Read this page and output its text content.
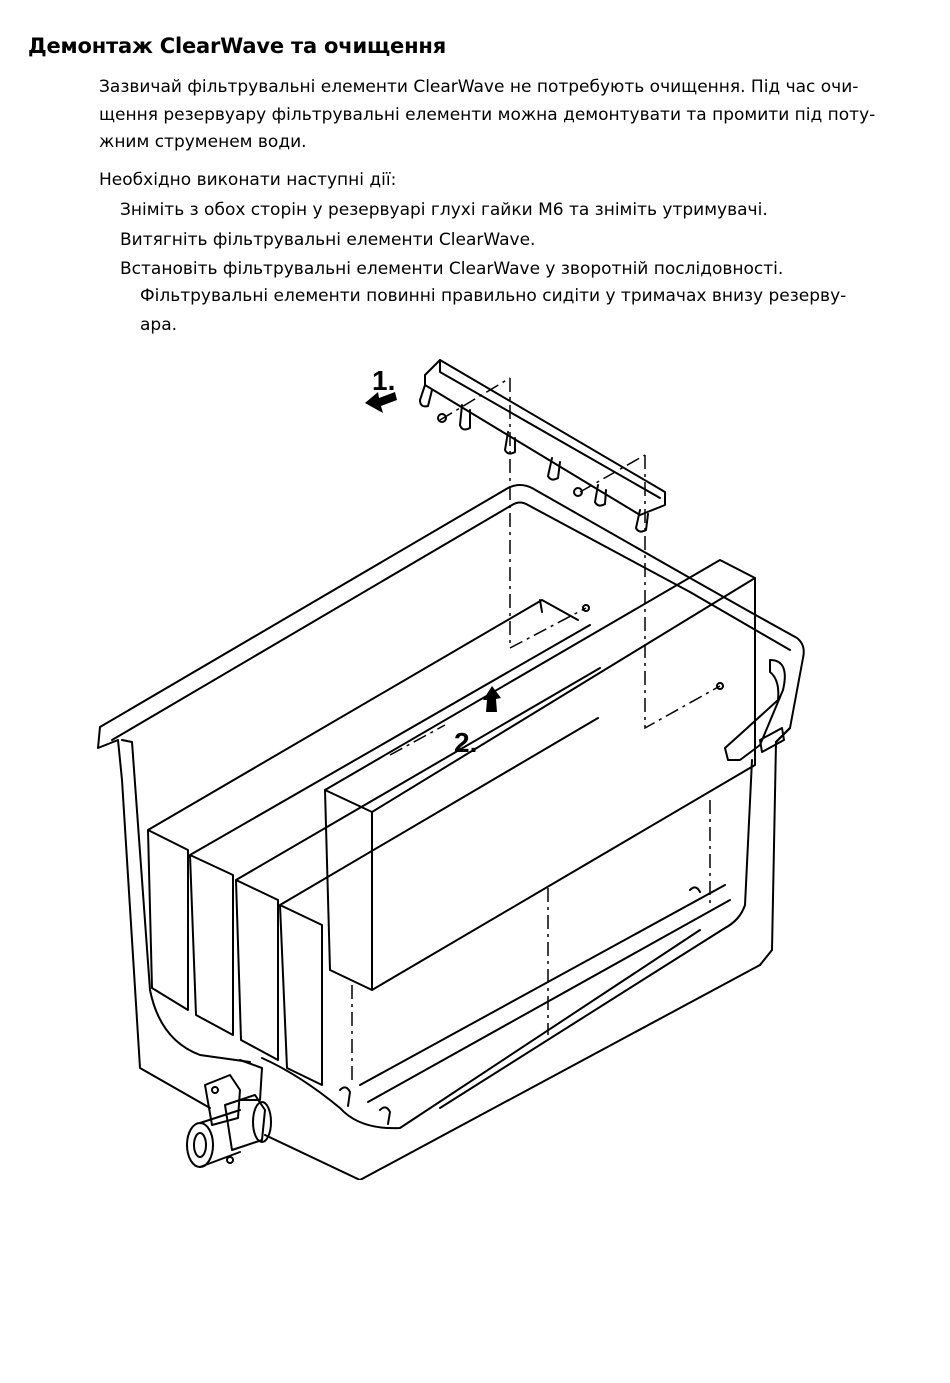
Демонтаж ClearWave та очищення

Зазвичай фільтрувальні елементи ClearWave не потребують очищення. Під час очи-
щення резервуару фільтрувальні елементи можна демонтувати та промити під поту-
жним струменем води.

Необхідно виконати наступні дії:

Зніміть з обох сторін у резервуарі глухі гайки M6 та зніміть утримувачі.
Витягніть фільтрувальні елементи ClearWave.
Встановіть фільтрувальні елементи ClearWave у зворотній послідовності.

Фільтрувальні елементи повинні правильно сидіти у тримачах внизу резерву-
ара.

1.
2.
